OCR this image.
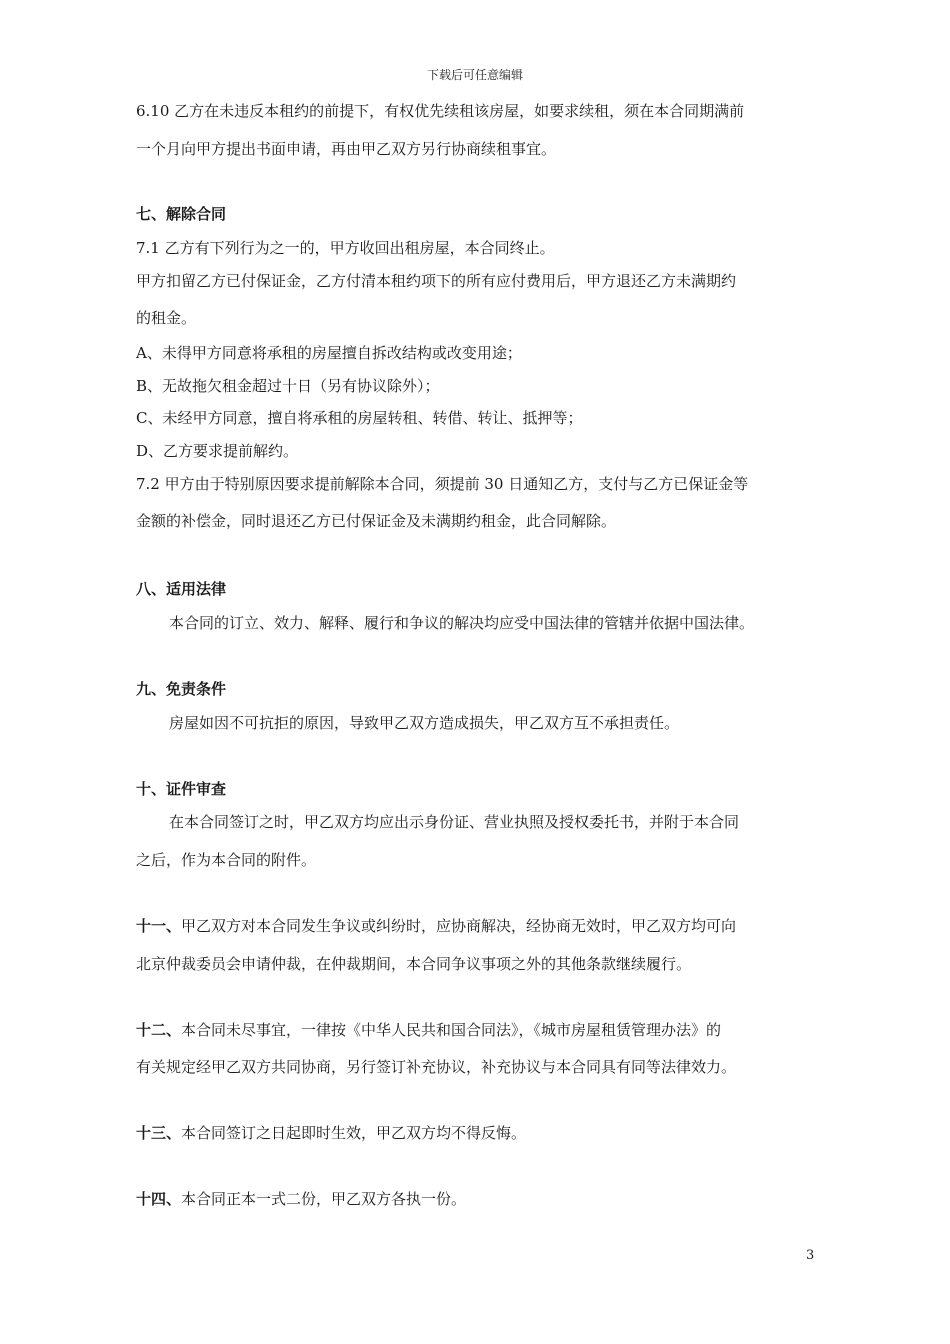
下载后可任意编辑
6.10 乙方在未违反本租约的前提下，有权优先续租该房屋，如要求续租，须在本合同期满前
一个月向甲方提出书面申请，再由甲乙双方另行协商续租事宜。
七、解除合同
7.1 乙方有下列行为之一的，甲方收回出租房屋，本合同终止。
甲方扣留乙方已付保证金，乙方付清本租约项下的所有应付费用后，甲方退还乙方未满期约
的租金。
A、未得甲方同意将承租的房屋擅自拆改结构或改变用途；
B、无故拖欠租金超过十日（另有协议除外）；
C、未经甲方同意，擅自将承租的房屋转租、转借、转让、抵押等；
D、乙方要求提前解约。
7.2 甲方由于特别原因要求提前解除本合同，须提前 30 日通知乙方，支付与乙方已保证金等
金额的补偿金，同时退还乙方已付保证金及未满期约租金，此合同解除。
八、适用法律
本合同的订立、效力、解释、履行和争议的解决均应受中国法律的管辖并依据中国法律。
九、免责条件
房屋如因不可抗拒的原因，导致甲乙双方造成损失，甲乙双方互不承担责任。
十、证件审查
在本合同签订之时，甲乙双方均应出示身份证、营业执照及授权委托书，并附于本合同
之后，作为本合同的附件。
十一、甲乙双方对本合同发生争议或纠纷时，应协商解决，经协商无效时，甲乙双方均可向
北京仲裁委员会申请仲裁，在仲裁期间，本合同争议事项之外的其他条款继续履行。
十二、本合同未尽事宜，一律按《中华人民共和国合同法》，《城市房屋租赁管理办法》的
有关规定经甲乙双方共同协商，另行签订补充协议，补充协议与本合同具有同等法律效力。
十三、本合同签订之日起即时生效，甲乙双方均不得反悔。
十四、本合同正本一式二份，甲乙双方各执一份。
3
